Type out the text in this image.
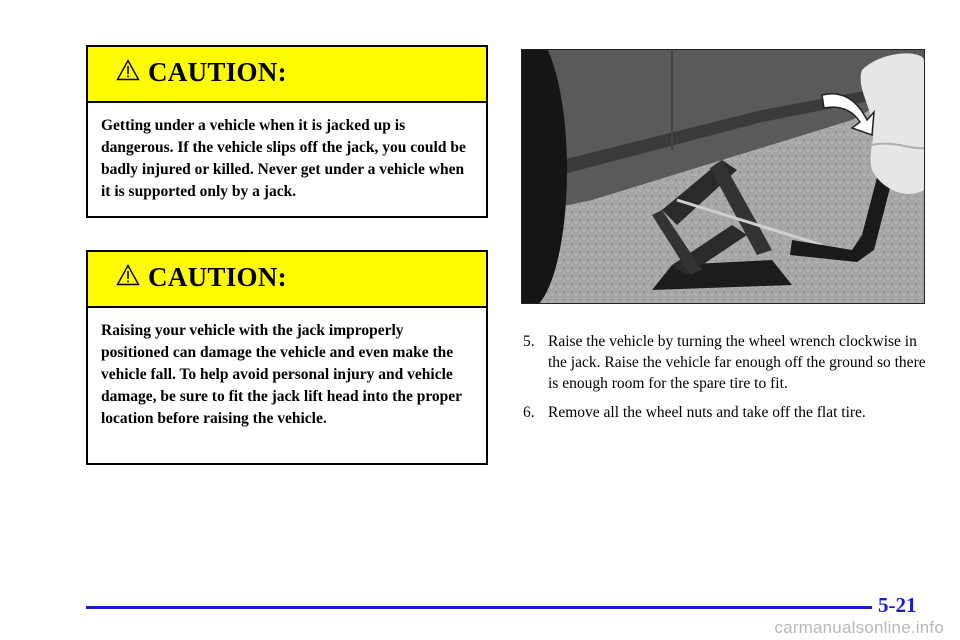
CAUTION:

Getting under a vehicle when it is jacked up is dangerous. If the vehicle slips off the jack, you could be badly injured or killed. Never get under a vehicle when it is supported only by a jack.

CAUTION:

Raising your vehicle with the jack improperly positioned can damage the vehicle and even make the vehicle fall. To help avoid personal injury and vehicle damage, be sure to fit the jack lift head into the proper location before raising the vehicle.

5. Raise the vehicle by turning the wheel wrench clockwise in the jack. Raise the vehicle far enough off the ground so there is enough room for the spare tire to fit.
6. Remove all the wheel nuts and take off the flat tire.
5-21
carmanualsonline.info
